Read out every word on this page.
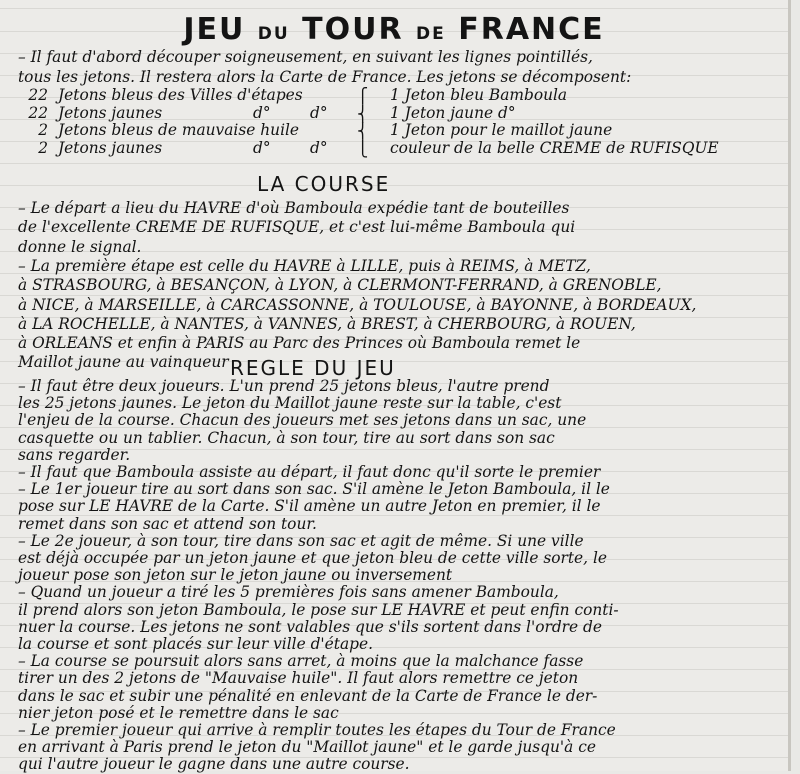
JEU DU TOUR DE FRANCE
– Il faut d'abord découper soigneusement, en suivant les lignes pointillés,
tous les jetons. Il restera alors la Carte de France. Les jetons se décomposent:
22 Jetons bleus des Villes d'étapes	1 Jeton bleu Bamboula
22 Jetons jaunes	d°	d°	1 Jeton jaune d°
2 Jetons bleus de mauvaise huile	1 Jeton pour le maillot jaune
2 Jetons jaunes	d°	d°	couleur de la belle CREME de RUFISQUE
⎧
⎨
⎨
⎩
LA COURSE
– Le départ a lieu du HAVRE d'où Bamboula expédie tant de bouteilles
de l'excellente CREME DE RUFISQUE, et c'est lui-même Bamboula qui
donne le signal.
– La première étape est celle du HAVRE à LILLE, puis à REIMS, à METZ,
à STRASBOURG, à BESANÇON, à LYON, à CLERMONT-FERRAND, à GRENOBLE,
à NICE, à MARSEILLE, à CARCASSONNE, à TOULOUSE, à BAYONNE, à BORDEAUX,
à LA ROCHELLE, à NANTES, à VANNES, à BREST, à CHERBOURG, à ROUEN,
à ORLEANS et enfin à PARIS au Parc des Princes où Bamboula remet le
Maillot jaune au vainqueur REGLE DU JEU
– Il faut être deux joueurs. L'un prend 25 jetons bleus, l'autre prend
les 25 jetons jaunes. Le jeton du Maillot jaune reste sur la table, c'est
l'enjeu de la course. Chacun des joueurs met ses jetons dans un sac, une
casquette ou un tablier. Chacun, à son tour, tire au sort dans son sac
sans regarder.
– Il faut que Bamboula assiste au départ, il faut donc qu'il sorte le premier
– Le 1er joueur tire au sort dans son sac. S'il amène le Jeton Bamboula, il le
pose sur LE HAVRE de la Carte. S'il amène un autre Jeton en premier, il le
remet dans son sac et attend son tour.
– Le 2e joueur, à son tour, tire dans son sac et agit de même. Si une ville
est déjà occupée par un jeton jaune et que jeton bleu de cette ville sorte, le
joueur pose son jeton sur le jeton jaune ou inversement
– Quand un joueur a tiré les 5 premières fois sans amener Bamboula,
il prend alors son jeton Bamboula, le pose sur LE HAVRE et peut enfin conti-
nuer la course. Les jetons ne sont valables que s'ils sortent dans l'ordre de
la course et sont placés sur leur ville d'étape.
– La course se poursuit alors sans arret, à moins que la malchance fasse
tirer un des 2 jetons de "Mauvaise huile". Il faut alors remettre ce jeton
dans le sac et subir une pénalité en enlevant de la Carte de France le der-
nier jeton posé et le remettre dans le sac
– Le premier joueur qui arrive à remplir toutes les étapes du Tour de France
en arrivant à Paris prend le jeton du "Maillot jaune" et le garde jusqu'à ce
qui l'autre joueur le gagne dans une autre course.
